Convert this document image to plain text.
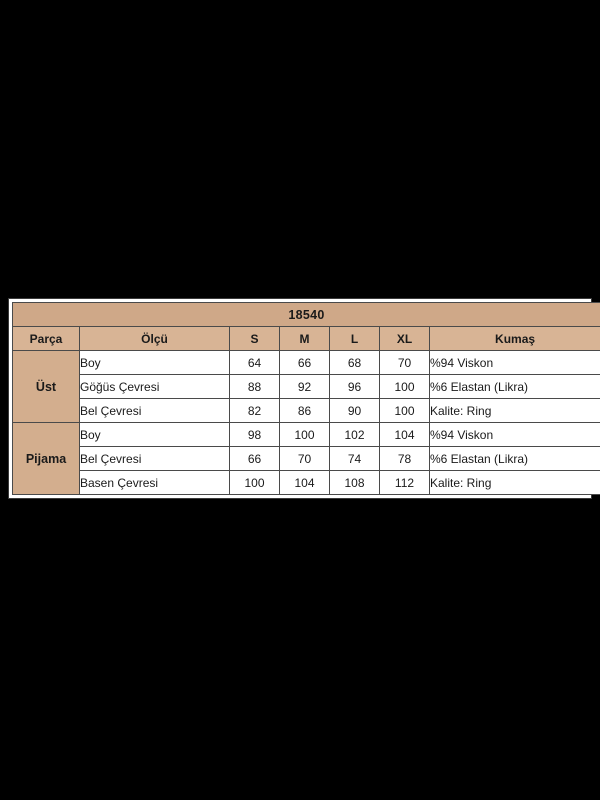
18540						
Parça	Ölçü	S	M	L	XL	Kumaş
Üst	Boy	64	66	68	70	%94 Viskon
	Göğüs Çevresi	88	92	96	100	%6 Elastan (Likra)
	Bel Çevresi	82	86	90	100	Kalite: Ring
Pijama	Boy	98	100	102	104	%94 Viskon
	Bel Çevresi	66	70	74	78	%6 Elastan (Likra)
	Basen Çevresi	100	104	108	112	Kalite: Ring
